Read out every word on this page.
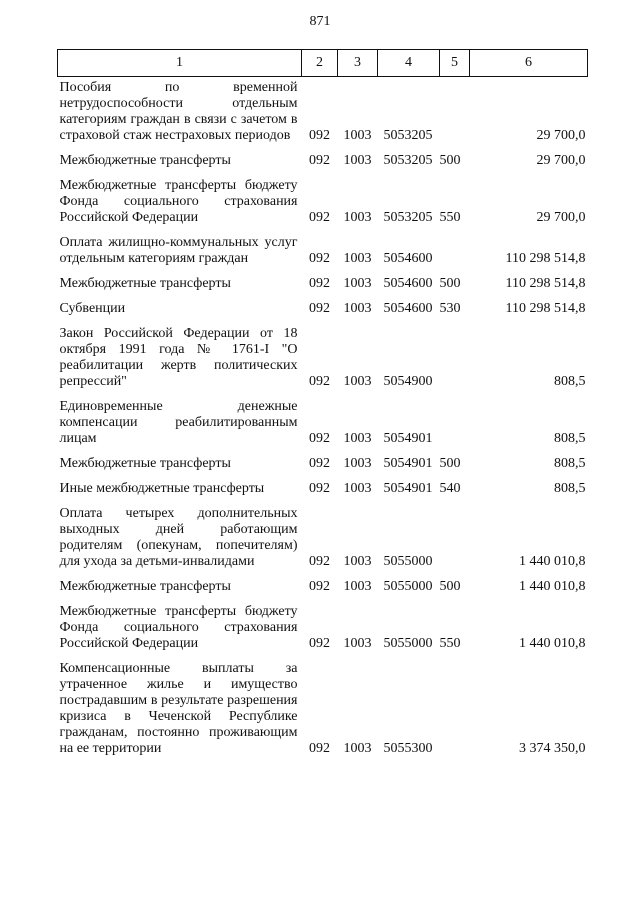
871
1	2	3	4	5	6
Пособия по временной нетрудоспособности отдельным категориям граждан в связи с зачетом в страховой стаж нестраховых периодов	092	1003	5053205		29 700,0
Межбюджетные трансферты	092	1003	5053205	500	29 700,0
Межбюджетные трансферты бюджету Фонда социального страхования Российской Федерации	092	1003	5053205	550	29 700,0
Оплата жилищно-коммунальных услуг отдельным категориям граждан	092	1003	5054600		110 298 514,8
Межбюджетные трансферты	092	1003	5054600	500	110 298 514,8
Субвенции	092	1003	5054600	530	110 298 514,8
Закон Российской Федерации от 18 октября 1991 года № 1761-I "О реабилитации жертв политических репрессий"	092	1003	5054900		808,5
Единовременные денежные компенсации реабилитированным лицам	092	1003	5054901		808,5
Межбюджетные трансферты	092	1003	5054901	500	808,5
Иные межбюджетные трансферты	092	1003	5054901	540	808,5
Оплата четырех дополнительных выходных дней работающим родителям (опекунам, попечителям) для ухода за детьми-инвалидами	092	1003	5055000		1 440 010,8
Межбюджетные трансферты	092	1003	5055000	500	1 440 010,8
Межбюджетные трансферты бюджету Фонда социального страхования Российской Федерации	092	1003	5055000	550	1 440 010,8
Компенсационные выплаты за утраченное жилье и имущество пострадавшим в результате разрешения кризиса в Чеченской Республике гражданам, постоянно проживающим на ее территории	092	1003	5055300		3 374 350,0
